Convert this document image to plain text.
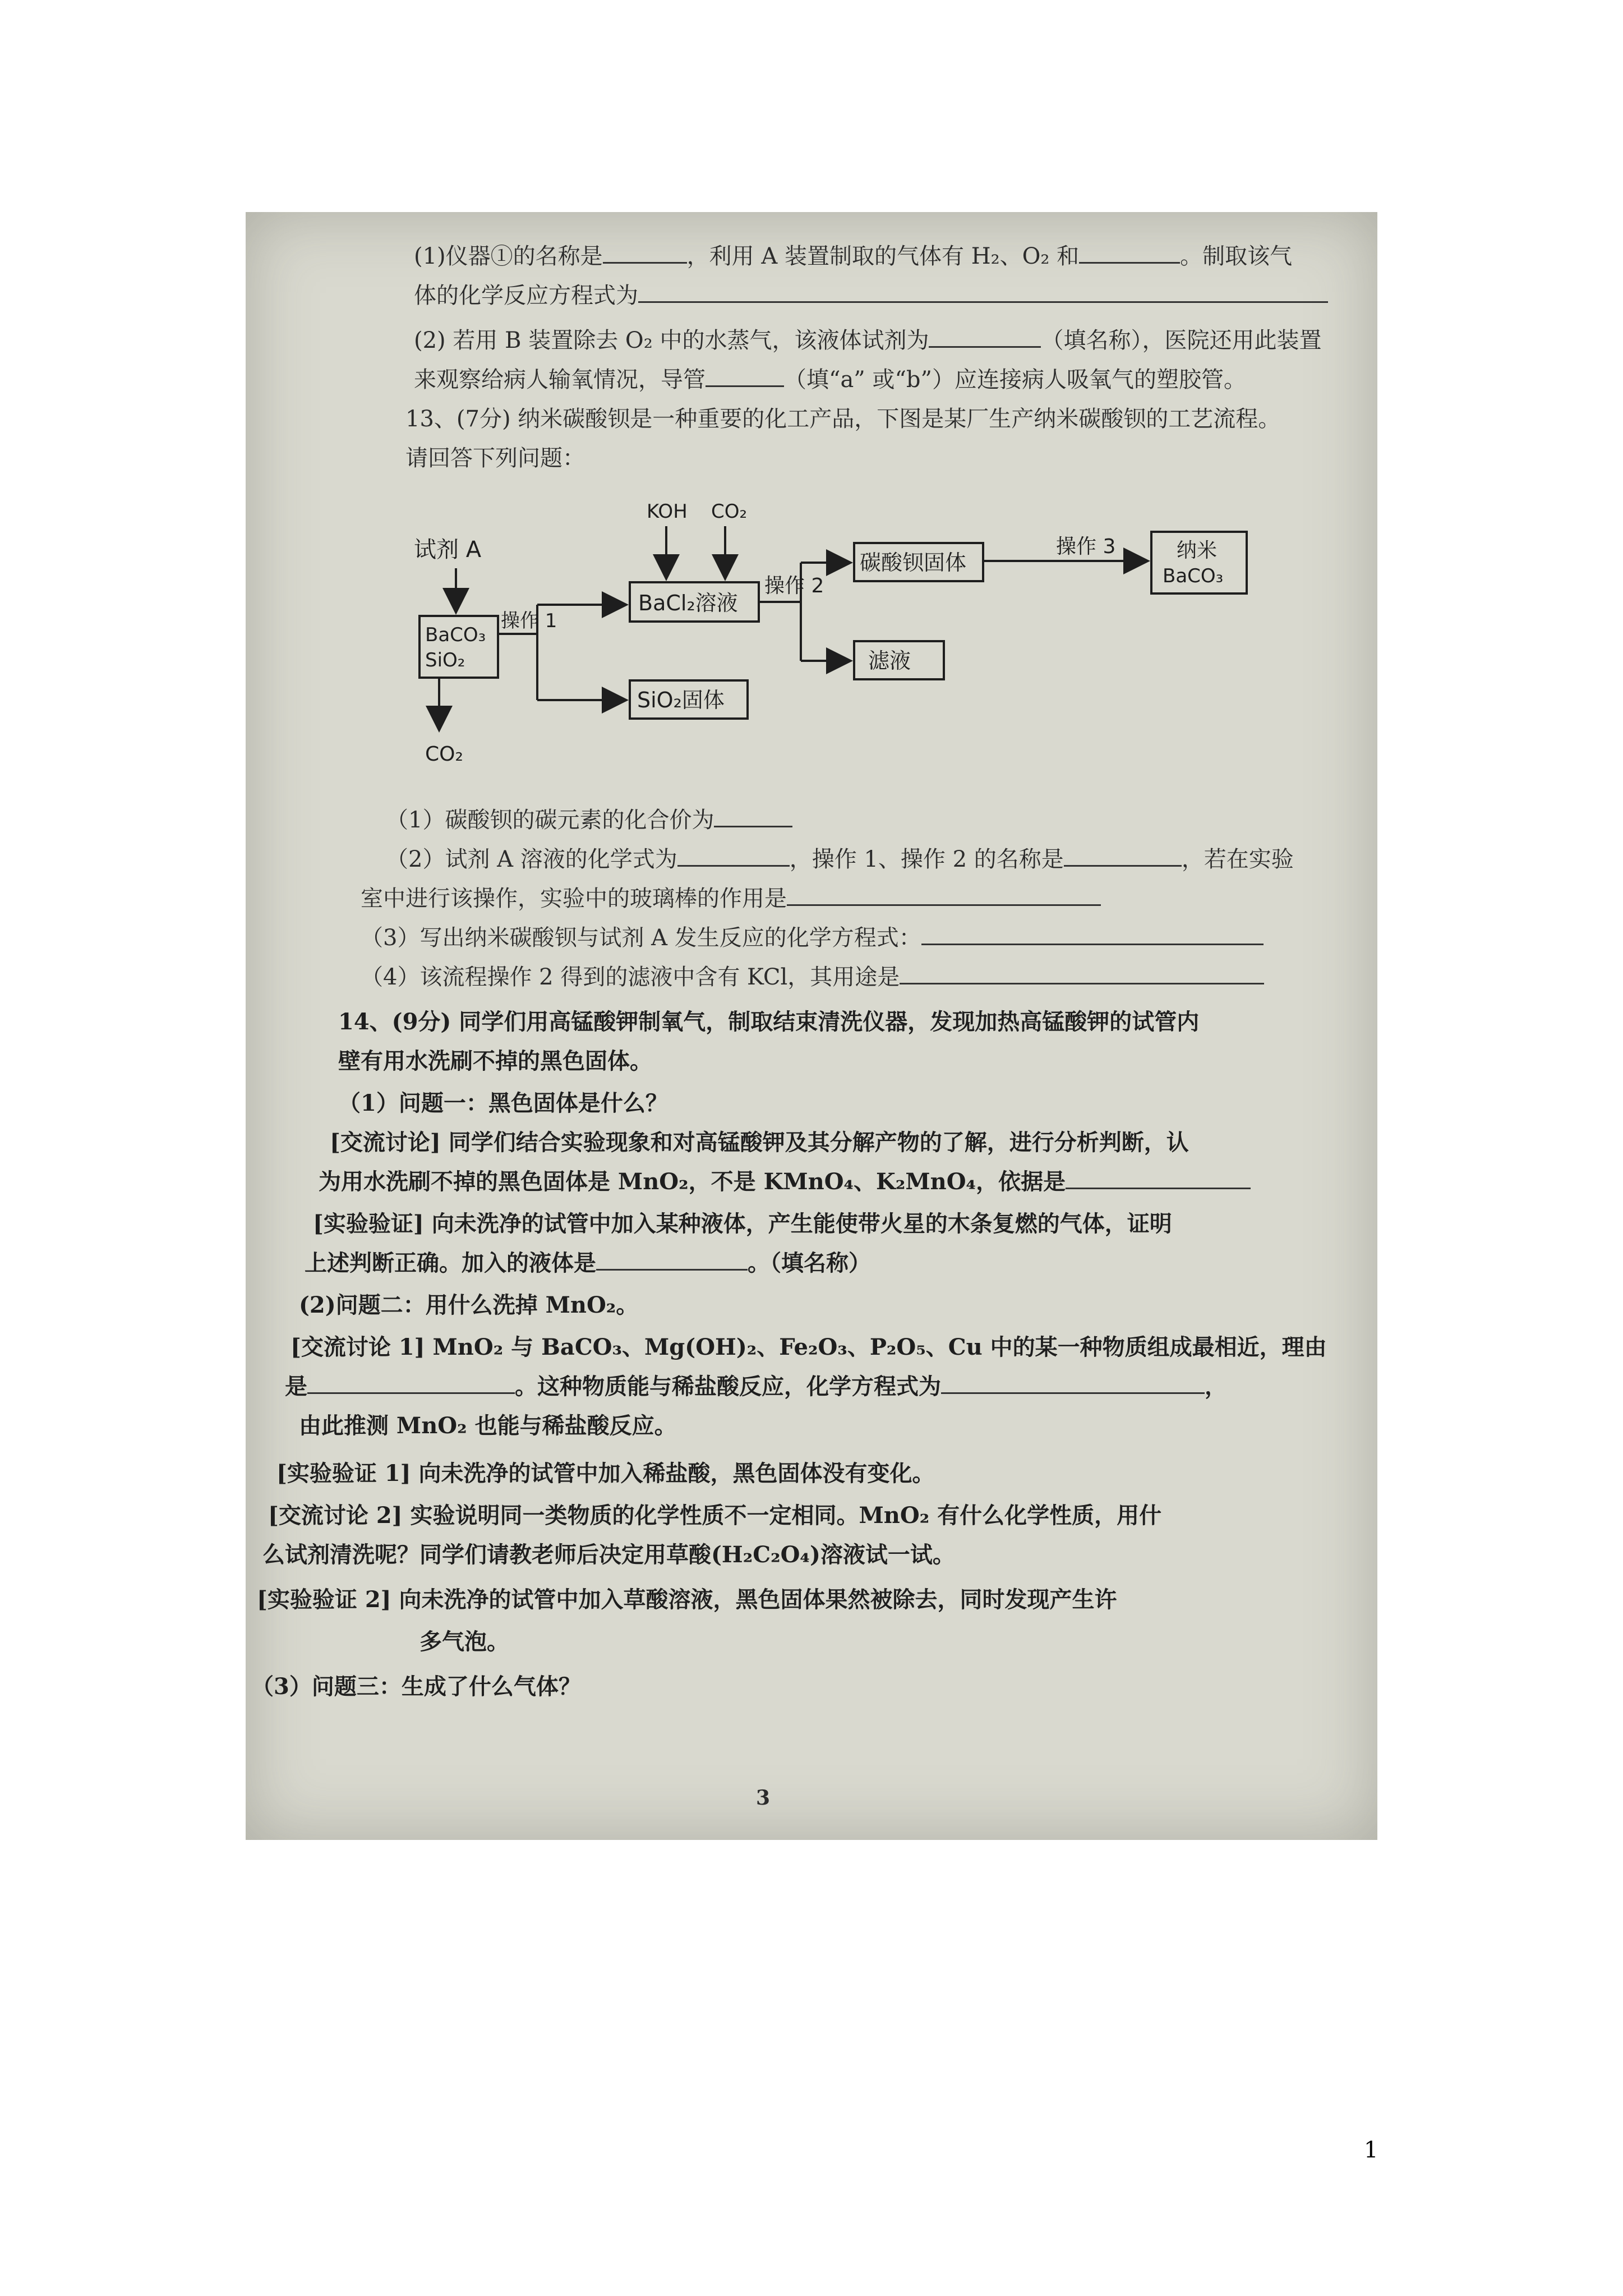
(1)仪器①的名称是	，利用 A 装置制取的气体有 H₂、O₂ 和	。制取该气
体的化学反应方程式为
(2) 若用 B 装置除去 O₂ 中的水蒸气，该液体试剂为	（填名称），医院还用此装置
来观察给病人输氧情况，导管	（填“a” 或“b”）应连接病人吸氧气的塑胶管。
13、(7分) 纳米碳酸钡是一种重要的化工产品，下图是某厂生产纳米碳酸钡的工艺流程。
请回答下列问题：
（1）碳酸钡的碳元素的化合价为
（2）试剂 A 溶液的化学式为	，操作 1、操作 2 的名称是	，若在实验
室中进行该操作，实验中的玻璃棒的作用是
（3）写出纳米碳酸钡与试剂 A 发生反应的化学方程式：
（4）该流程操作 2 得到的滤液中含有 KCl，其用途是
14、(9分) 同学们用高锰酸钾制氧气，制取结束清洗仪器，发现加热高锰酸钾的试管内
壁有用水洗刷不掉的黑色固体。
（1）问题一：黑色固体是什么？
[交流讨论] 同学们结合实验现象和对高锰酸钾及其分解产物的了解，进行分析判断，认
为用水洗刷不掉的黑色固体是 MnO₂，不是 KMnO₄、K₂MnO₄，依据是
[实验验证] 向未洗净的试管中加入某种液体，产生能使带火星的木条复燃的气体，证明
上述判断正确。加入的液体是	。（填名称）
(2)问题二：用什么洗掉 MnO₂。
[交流讨论 1] MnO₂ 与 BaCO₃、Mg(OH)₂、Fe₂O₃、P₂O₅、Cu 中的某一种物质组成最相近，理由
是	。这种物质能与稀盐酸反应，化学方程式为	，
由此推测 MnO₂ 也能与稀盐酸反应。
[实验验证 1] 向未洗净的试管中加入稀盐酸，黑色固体没有变化。
[交流讨论 2] 实验说明同一类物质的化学性质不一定相同。MnO₂ 有什么化学性质，用什
么试剂清洗呢？同学们请教老师后决定用草酸(H₂C₂O₄)溶液试一试。
[实验验证 2] 向未洗净的试管中加入草酸溶液，黑色固体果然被除去，同时发现产生许
多气泡。
（3）问题三：生成了什么气体？
试剂 A
BaCO₃
SiO₂
CO₂
操作 1
KOH CO₂
BaCl₂溶液
SiO₂固体
操作 2
碳酸钡固体
滤液
操作 3	纳米
BaCO₃
3
1
